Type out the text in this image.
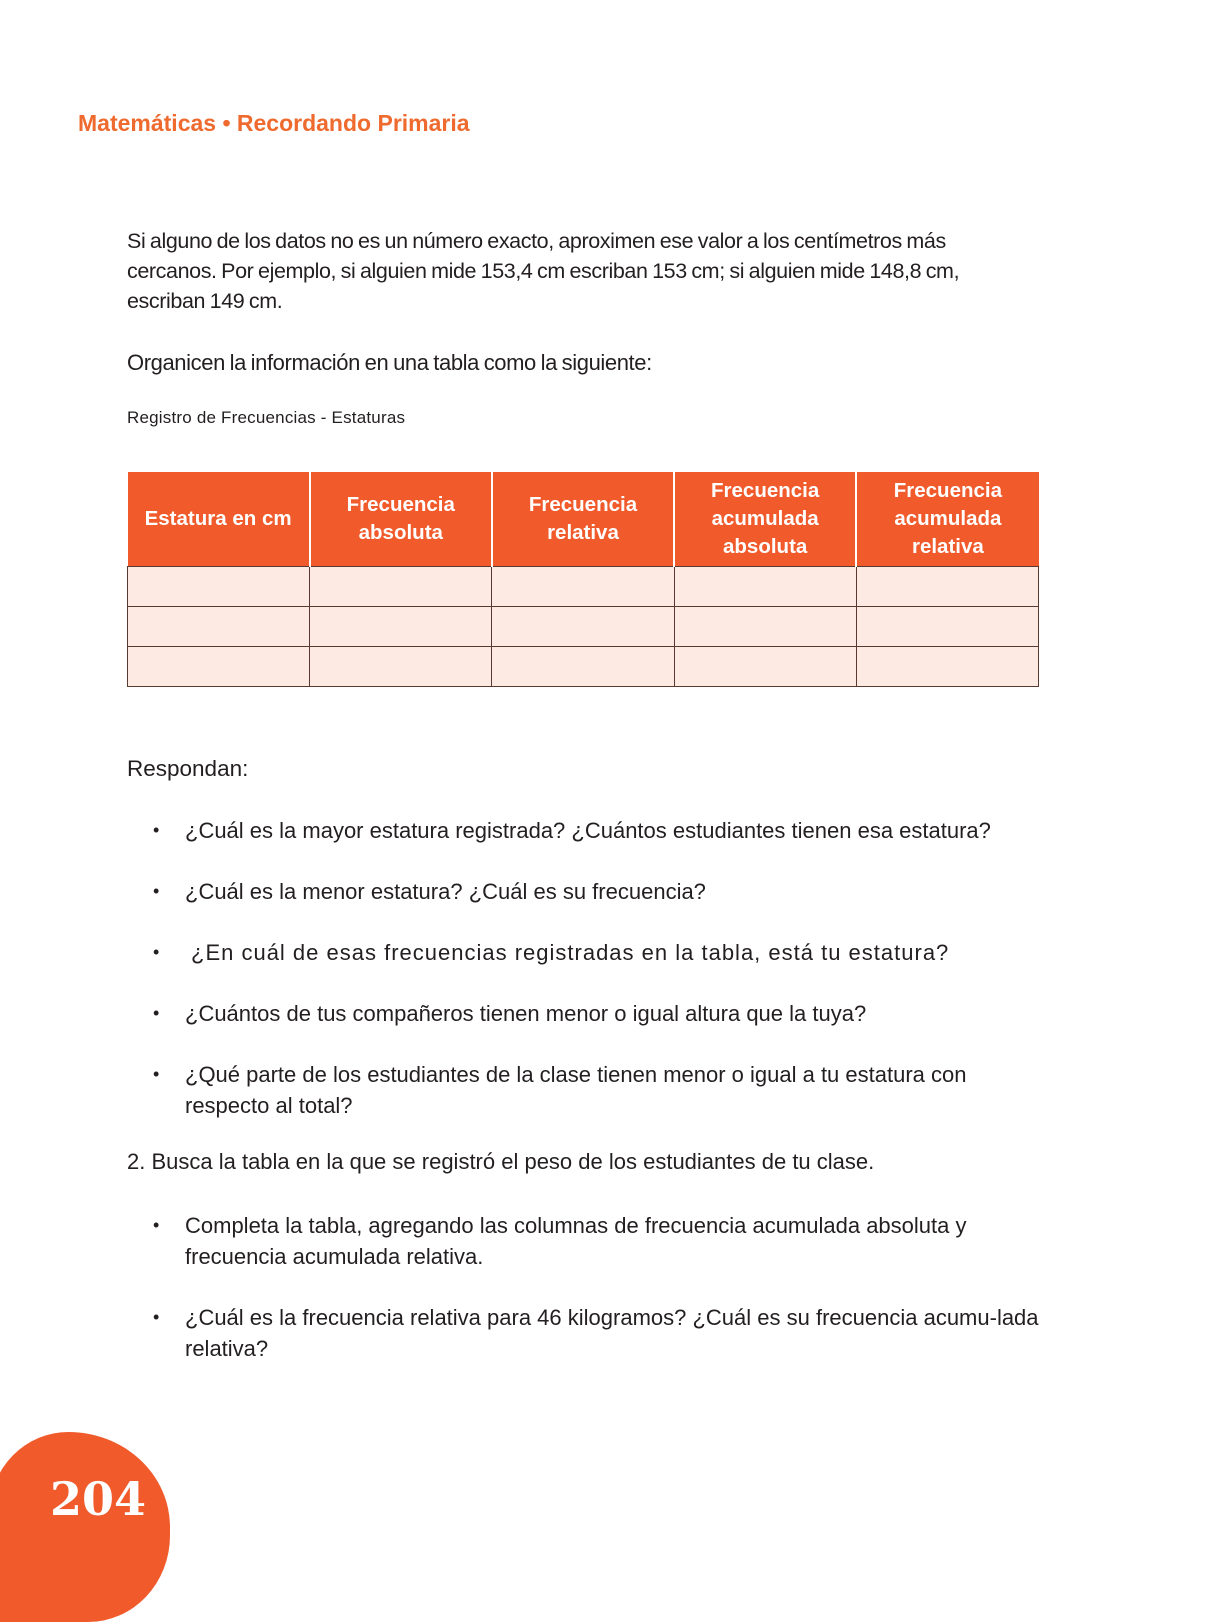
Matemáticas • Recordando Primaria

Si alguno de los datos no es un número exacto, aproximen ese valor a los centímetros más cercanos. Por ejemplo, si alguien mide 153,4 cm escriban 153 cm; si alguien mide 148,8 cm, escriban 149 cm.

Organicen la información en una tabla como la siguiente:

Registro de Frecuencias - Estaturas
Estatura en cm	Frecuencia absoluta	Frecuencia relativa	Frecuencia acumulada absoluta	Frecuencia acumulada relativa

Respondan:
• ¿Cuál es la mayor estatura registrada? ¿Cuántos estudiantes tienen esa estatura?
• ¿Cuál es la menor estatura? ¿Cuál es su frecuencia?
• ¿En cuál de esas frecuencias registradas en la tabla, está tu estatura?
• ¿Cuántos de tus compañeros tienen menor o igual altura que la tuya?
• ¿Qué parte de los estudiantes de la clase tienen menor o igual a tu estatura con respecto al total?
2. Busca la tabla en la que se registró el peso de los estudiantes de tu clase.
• Completa la tabla, agregando las columnas de frecuencia acumulada absoluta y frecuencia acumulada relativa.
• ¿Cuál es la frecuencia relativa para 46 kilogramos? ¿Cuál es su frecuencia acumu-lada relativa?
204
